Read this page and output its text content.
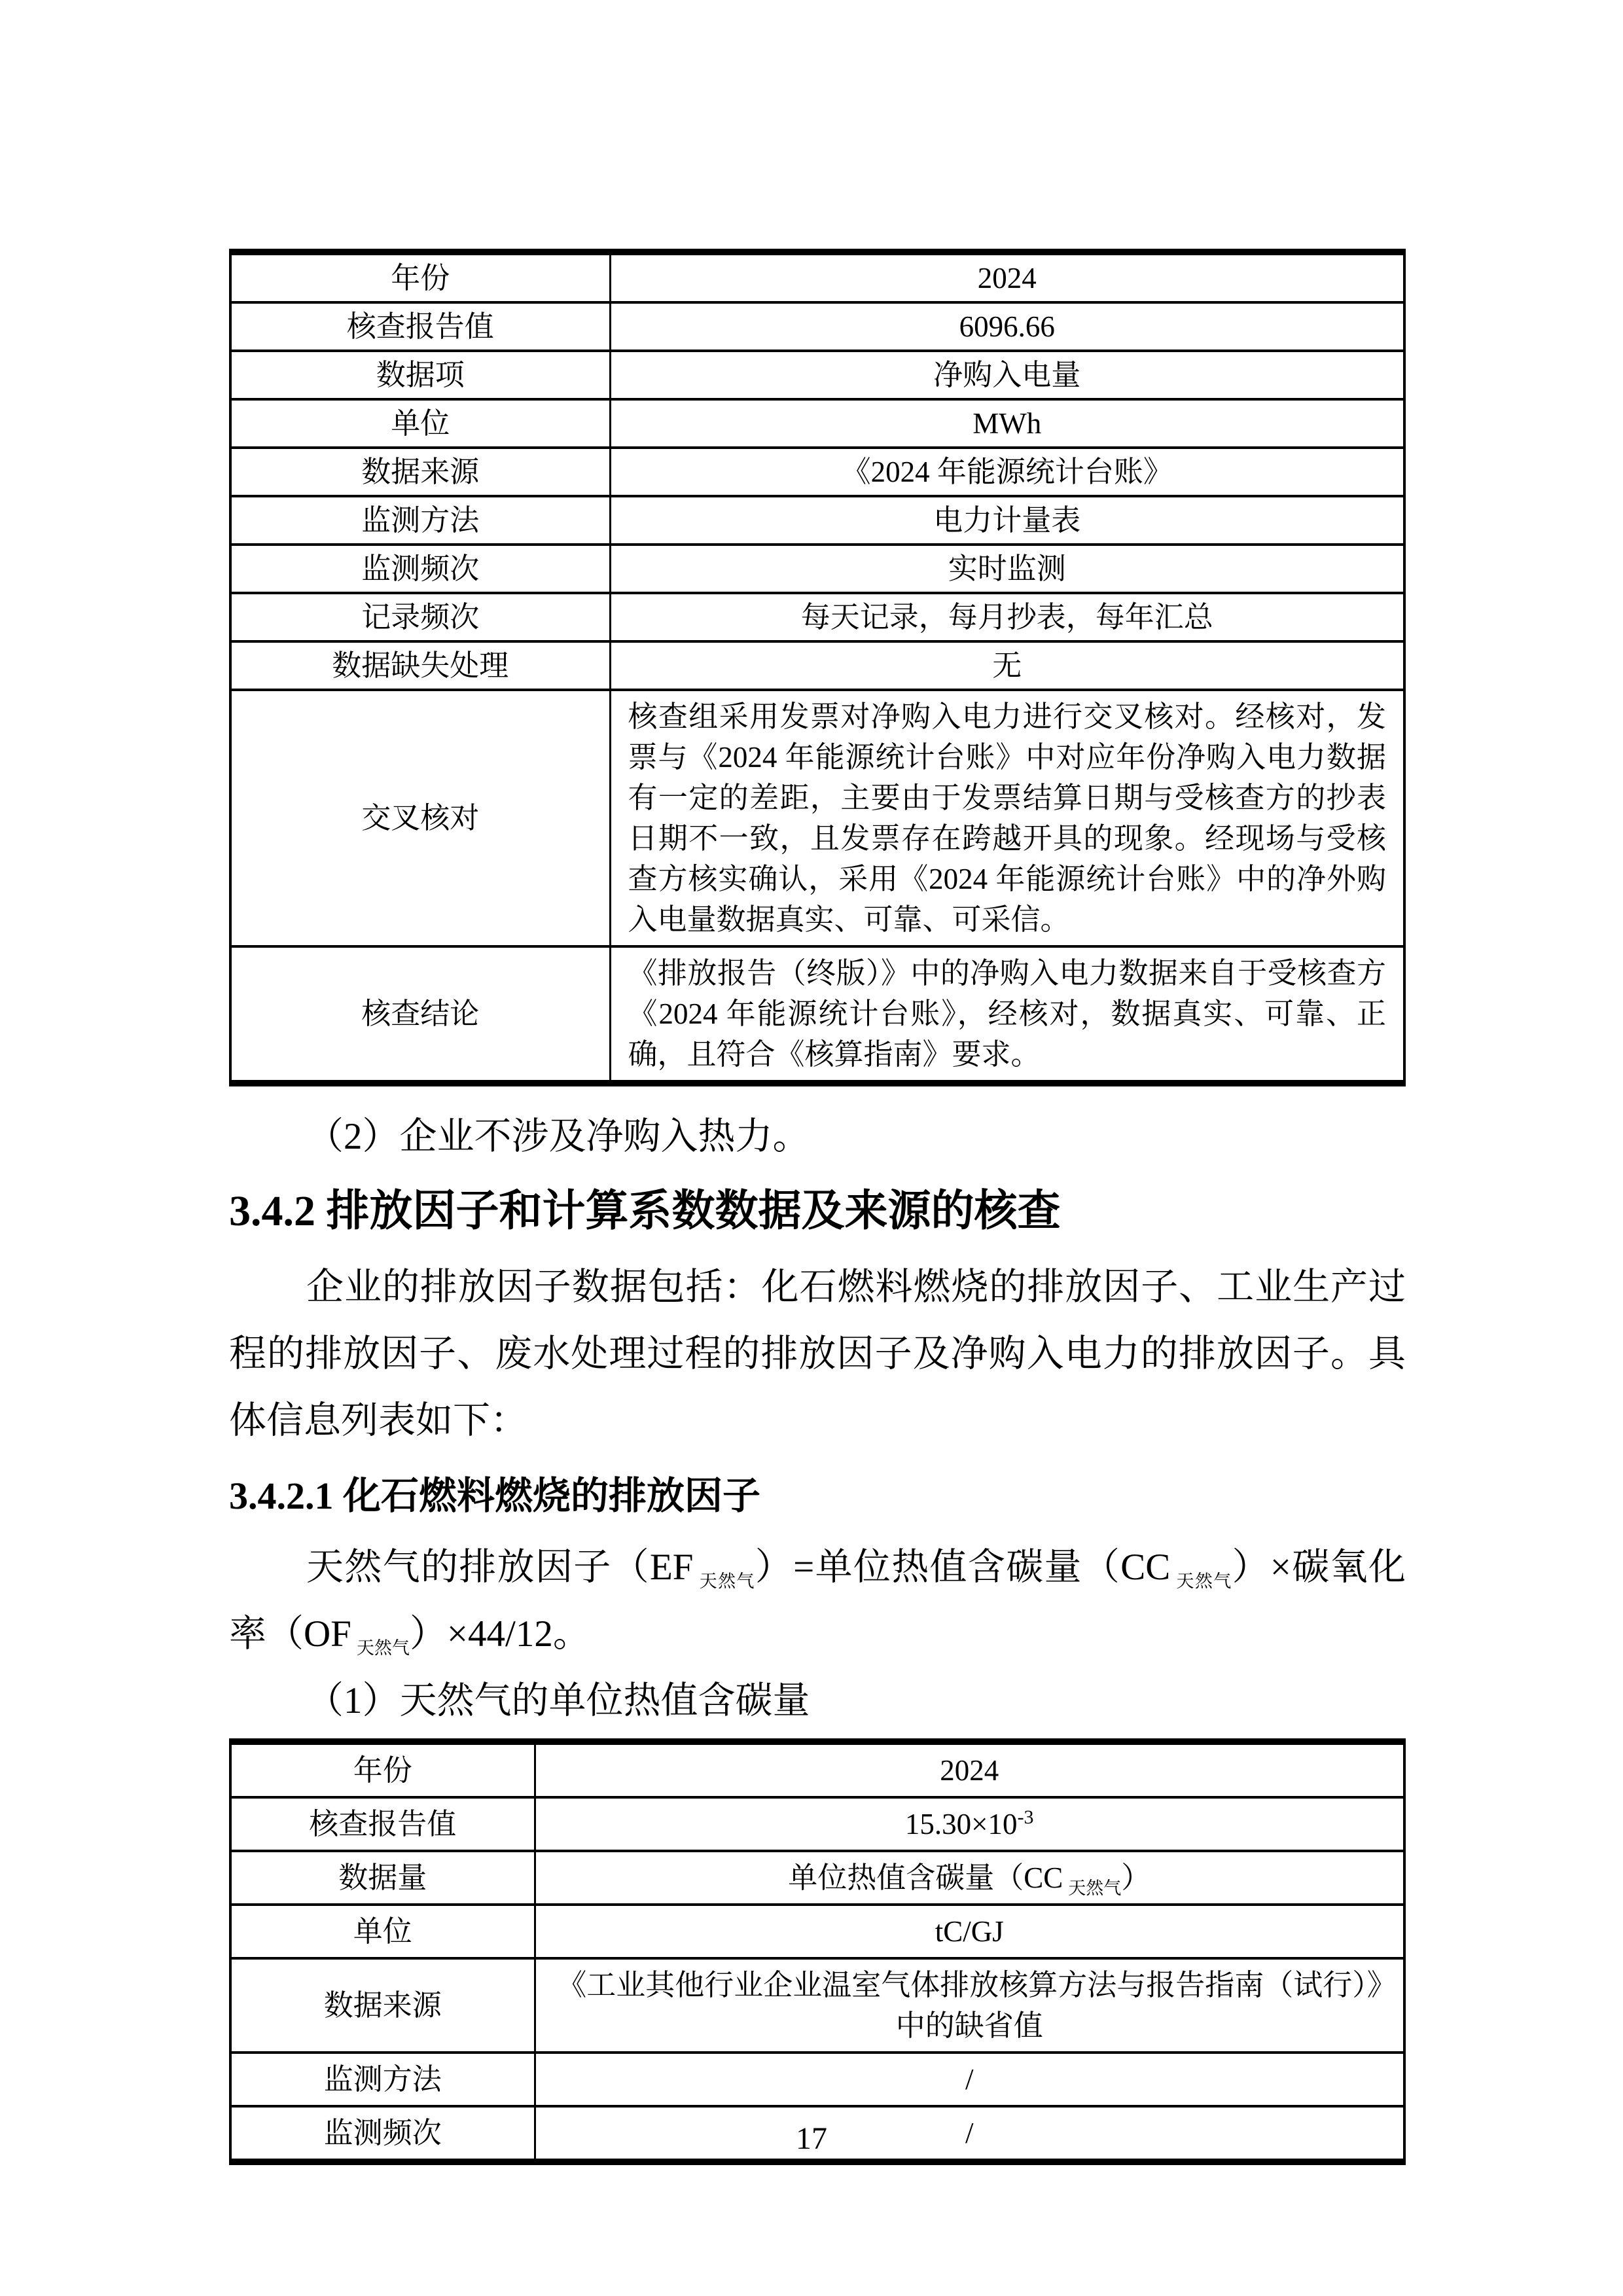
年份	2024
核查报告值	6096.66
数据项	净购入电量
单位	MWh
数据来源	《2024 年能源统计台账》
监测方法	电力计量表
监测频次	实时监测
记录频次	每天记录，每月抄表，每年汇总
数据缺失处理	无
交叉核对	核查组采用发票对净购入电力进行交叉核对。经核对，发票与《2024 年能源统计台账》中对应年份净购入电力数据有一定的差距，主要由于发票结算日期与受核查方的抄表日期不一致，且发票存在跨越开具的现象。经现场与受核查方核实确认，采用《2024 年能源统计台账》中的净外购入电量数据真实、可靠、可采信。
核查结论	《排放报告（终版）》中的净购入电力数据来自于受核查方《2024 年能源统计台账》，经核对，数据真实、可靠、正确，且符合《核算指南》要求。

（2）企业不涉及净购入热力。

3.4.2 排放因子和计算系数数据及来源的核查

企业的排放因子数据包括：化石燃料燃烧的排放因子、工业生产过程的排放因子、废水处理过程的排放因子及净购入电力的排放因子。具体信息列表如下：

3.4.2.1 化石燃料燃烧的排放因子

天然气的排放因子（EF $_{天然气}$）=单位热值含碳量（CC $_{天然气}$）×碳氧化率（OF $_{天然气}$）×44/12。

（1）天然气的单位热值含碳量

年份	2024
核查报告值	$15.30\times 10^{-3}$
数据量	单位热值含碳量（CC $_{天然气}$）
单位	tC/GJ
数据来源	《工业其他行业企业温室气体排放核算方法与报告指南（试行）》中的缺省值
监测方法	/
监测频次	/
17
